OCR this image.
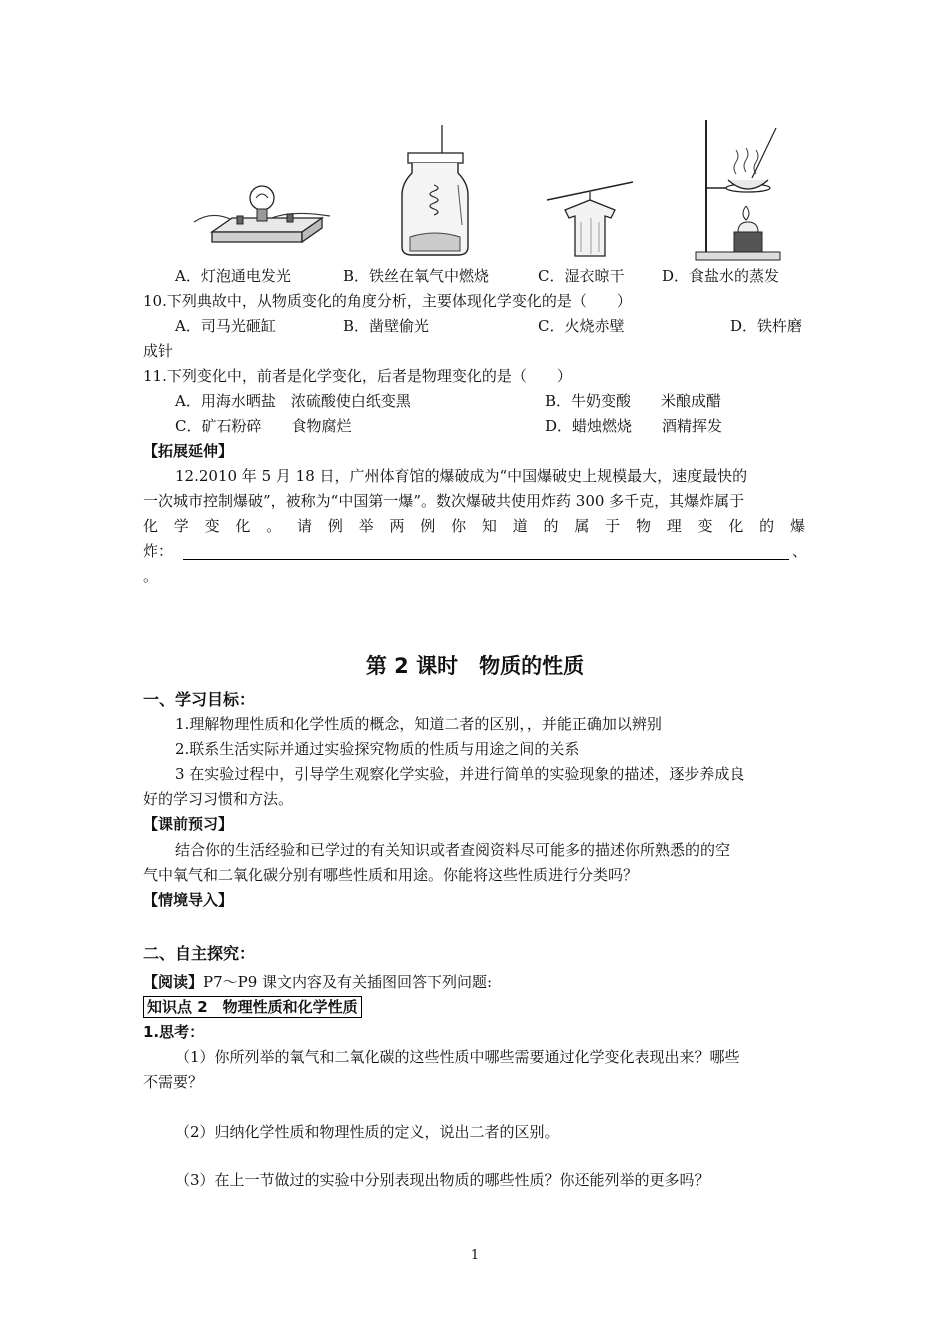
A．灯泡通电发光	B．铁丝在氧气中燃烧	C．湿衣晾干	D．食盐水的蒸发
10.下列典故中，从物质变化的角度分析，主要体现化学变化的是（　　）
A．司马光砸缸	B．凿壁偷光	C．火烧赤壁	D．铁杵磨
成针
11.下列变化中，前者是化学变化，后者是物理变化的是（　　）
A．用海水晒盐　浓硫酸使白纸变黑	B．牛奶变酸　　米酿成醋
C．矿石粉碎　　食物腐烂	D．蜡烛燃烧　　酒精挥发
【拓展延伸】
12.2010 年 5 月 18 日，广州体育馆的爆破成为“中国爆破史上规模最大，速度最快的
一次城市控制爆破”，被称为“中国第一爆”。数次爆破共使用炸药 300 多千克，其爆炸属于
化学变化。请例举两例你知道的属于物理变化的爆
炸：	、
。
第 2 课时　物质的性质
一、学习目标：
1.理解物理性质和化学性质的概念，知道二者的区别，，并能正确加以辨别
2.联系生活实际并通过实验探究物质的性质与用途之间的关系
3 在实验过程中，引导学生观察化学实验，并进行简单的实验现象的描述，逐步养成良
好的学习习惯和方法。
【课前预习】
结合你的生活经验和已学过的有关知识或者查阅资料尽可能多的描述你所熟悉的的空
气中氧气和二氧化碳分别有哪些性质和用途。你能将这些性质进行分类吗？
【情境导入】
二、自主探究：
【阅读】P7～P9 课文内容及有关插图回答下列问题:
知识点 2　物理性质和化学性质
1.思考：
（1）你所列举的氧气和二氧化碳的这些性质中哪些需要通过化学变化表现出来？哪些
不需要？
（2）归纳化学性质和物理性质的定义，说出二者的区别。
（3）在上一节做过的实验中分别表现出物质的哪些性质？你还能列举的更多吗？
1
